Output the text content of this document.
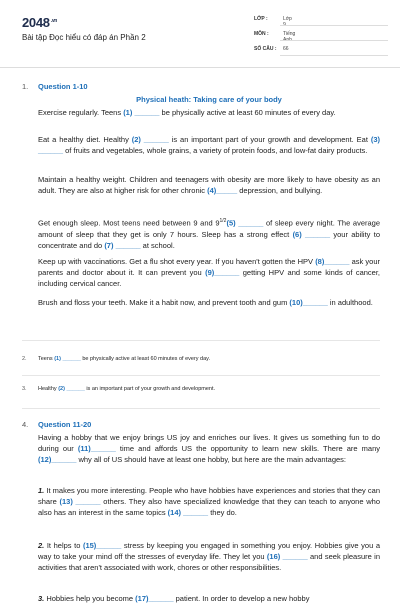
$2048^{.vn}$
Bài tập Đọc hiểu có đáp án Phần 2
LỚP :	Lớp 9
MÔN :	Tiếng Anh
SỐ CÂU :	66
1. Question 1-10
Physical heath: Taking care of your body
Exercise regularly. Teens (1) ______ be physically active at least 60 minutes of every day.
Eat a healthy diet. Healthy (2) ______ is an important part of your growth and development. Eat (3) ______ of fruits and vegetables, whole grains, a variety of protein foods, and low-fat dairy products.
Maintain a healthy weight. Children and teenagers with obesity are more likely to have obesity as an adult. They are also at higher risk for other chronic (4)_____ depression, and bullying.
Get enough sleep. Most teens need between 9 and $9^{1/2}(5)$ ______ of sleep every night. The average amount of sleep that they get is only 7 hours. Sleep has a strong effect (6) ______ your ability to concentrate and do (7) ______ at school.
Keep up with vaccinations. Get a flu shot every year. If you haven't gotten the HPV (8)______ ask your parents and doctor about it. It can prevent you (9)______ getting HPV and some kinds of cancer, including cervical cancer.
Brush and floss your teeth. Make it a habit now, and prevent tooth and gum (10)______ in adulthood.
2. Teens (1) ______ be physically active at least 60 minutes of every day.
3. Healthy (2) ______ is an important part of your growth and development.
4. Question 11-20
Having a hobby that we enjoy brings US joy and enriches our lives. It gives us something fun to do during our (11)______ time and affords US the opportunity to learn new skills. There are many (12)______ why all of US should have at least one hobby, but here are the main advantages:
1. It makes you more interesting. People who have hobbies have experiences and stories that they can share (13) ______ others. They also have specialized knowledge that they can teach to anyone who also has an interest in the same topics (14) ______ they do.
2. It helps to (15)______ stress by keeping you engaged in something you enjoy. Hobbies give you a way to take your mind off the stresses of everyday life. They let you (16) ______ and seek pleasure in activities that aren't associated with work, chores or other responsibilities.
3. Hobbies help you become (17)______ patient. In order to develop a new hobby
